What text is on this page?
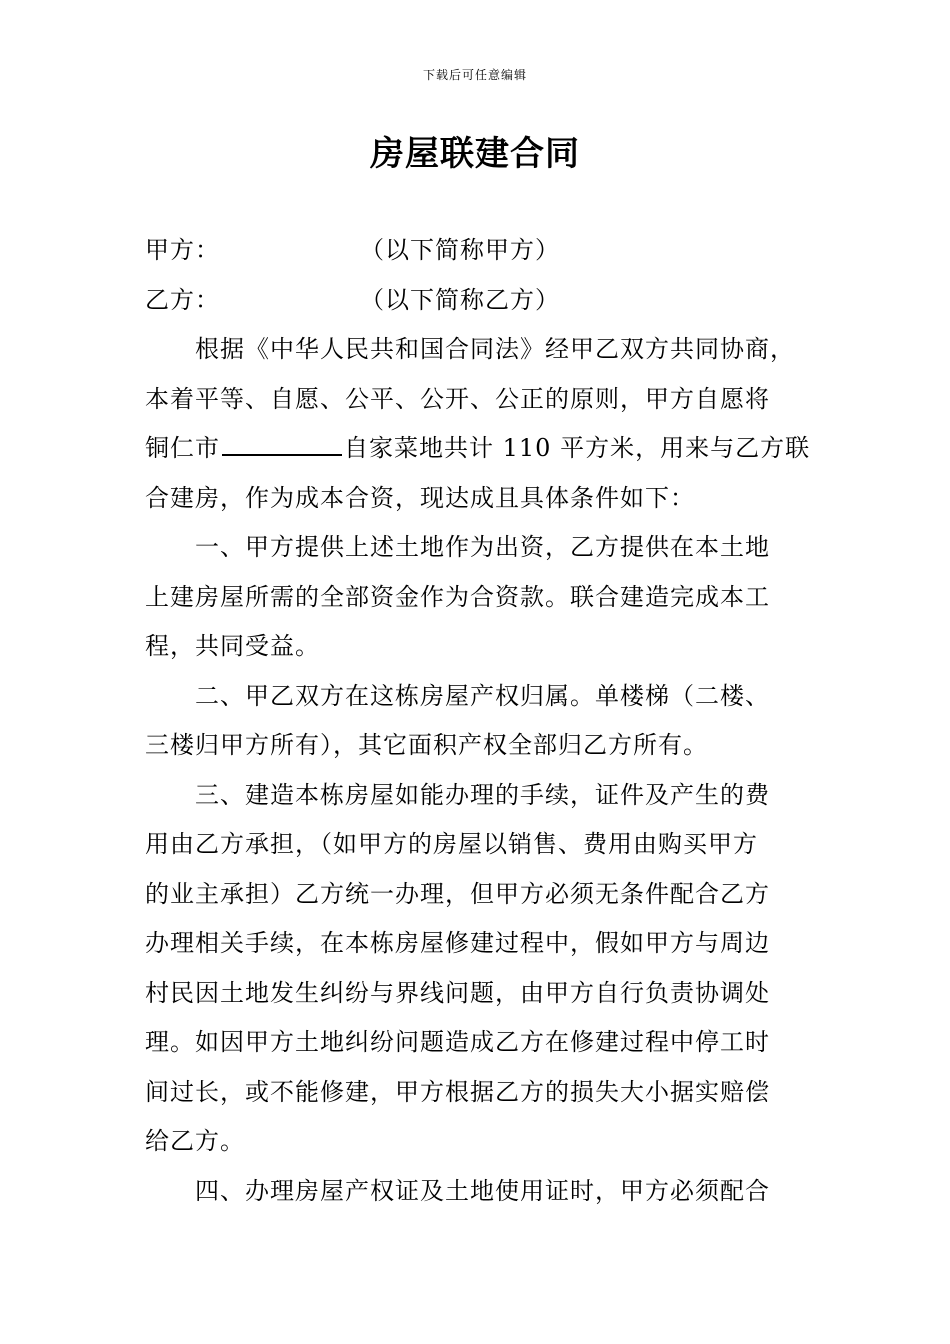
下载后可任意编辑
房屋联建合同
甲方：	（以下简称甲方）
乙方：	（以下简称乙方）
根据《中华人民共和国合同法》经甲乙双方共同协商，
本着平等、自愿、公平、公开、公正的原则，甲方自愿将
铜仁市	自家菜地共计 110 平方米，用来与乙方联
合建房，作为成本合资，现达成且具体条件如下：
一、甲方提供上述土地作为出资，乙方提供在本土地
上建房屋所需的全部资金作为合资款。联合建造完成本工
程，共同受益。
二、甲乙双方在这栋房屋产权归属。单楼梯（二楼、
三楼归甲方所有），其它面积产权全部归乙方所有。
三、建造本栋房屋如能办理的手续，证件及产生的费
用由乙方承担，（如甲方的房屋以销售、费用由购买甲方
的业主承担）乙方统一办理，但甲方必须无条件配合乙方
办理相关手续，在本栋房屋修建过程中，假如甲方与周边
村民因土地发生纠纷与界线问题，由甲方自行负责协调处
理。如因甲方土地纠纷问题造成乙方在修建过程中停工时
间过长，或不能修建，甲方根据乙方的损失大小据实赔偿
给乙方。
四、办理房屋产权证及土地使用证时，甲方必须配合
